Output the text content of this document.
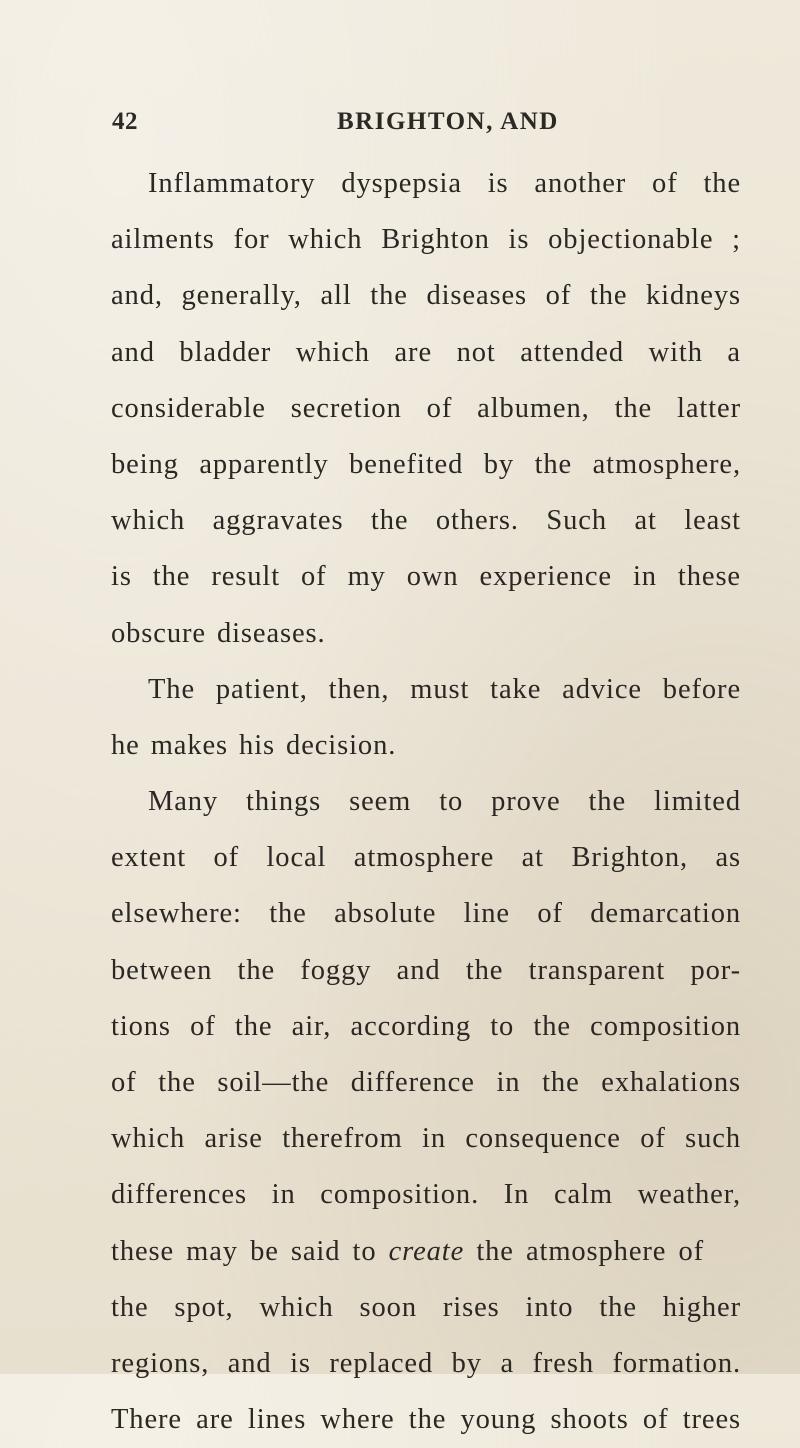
42	BRIGHTON, AND
Inflammatory dyspepsia is another of the
ailments for which Brighton is objectionable ;
and, generally, all the diseases of the kidneys
and bladder which are not attended with a
considerable secretion of albumen, the latter
being apparently benefited by the atmosphere,
which aggravates the others. Such at least
is the result of my own experience in these
obscure diseases.
The patient, then, must take advice before
he makes his decision.
Many things seem to prove the limited
extent of local atmosphere at Brighton, as
elsewhere: the absolute line of demarcation
between the foggy and the transparent por-
tions of the air, according to the composition
of the soil—the difference in the exhalations
which arise therefrom in consequence of such
differences in composition. In calm weather,
these may be said to create the atmosphere of
the spot, which soon rises into the higher
regions, and is replaced by a fresh formation.
There are lines where the young shoots of trees
